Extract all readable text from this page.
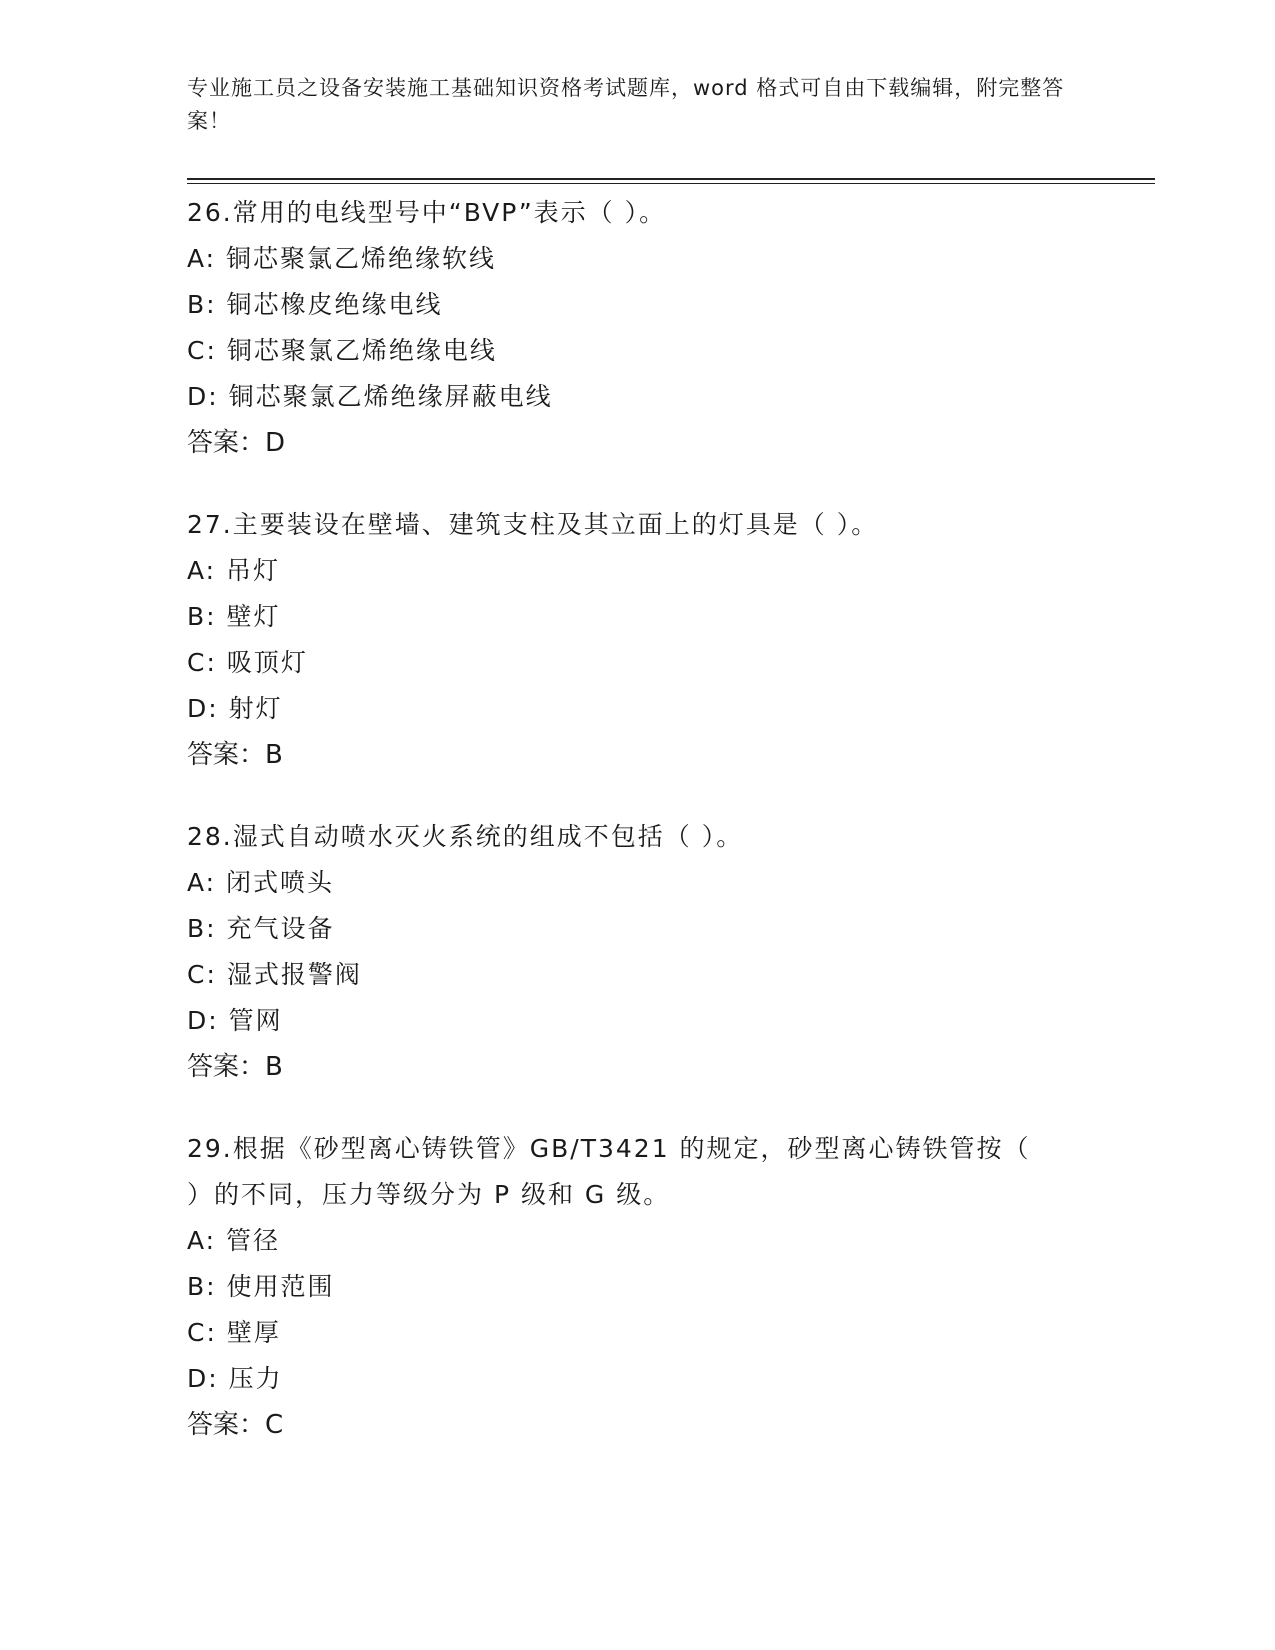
专业施工员之设备安装施工基础知识资格考试题库，word 格式可自由下载编辑，附完整答案！
26.常用的电线型号中“BVP”表示（ ）。
A: 铜芯聚氯乙烯绝缘软线
B: 铜芯橡皮绝缘电线
C: 铜芯聚氯乙烯绝缘电线
D: 铜芯聚氯乙烯绝缘屏蔽电线
答案：D
27.主要装设在壁墙、建筑支柱及其立面上的灯具是（ ）。
A: 吊灯
B: 壁灯
C: 吸顶灯
D: 射灯
答案：B
28.湿式自动喷水灭火系统的组成不包括（ ）。
A: 闭式喷头
B: 充气设备
C: 湿式报警阀
D: 管网
答案：B
29.根据《砂型离心铸铁管》GB/T3421 的规定，砂型离心铸铁管按（ ）的不同，压力等级分为 P 级和 G 级。
A: 管径
B: 使用范围
C: 壁厚
D: 压力
答案：C
